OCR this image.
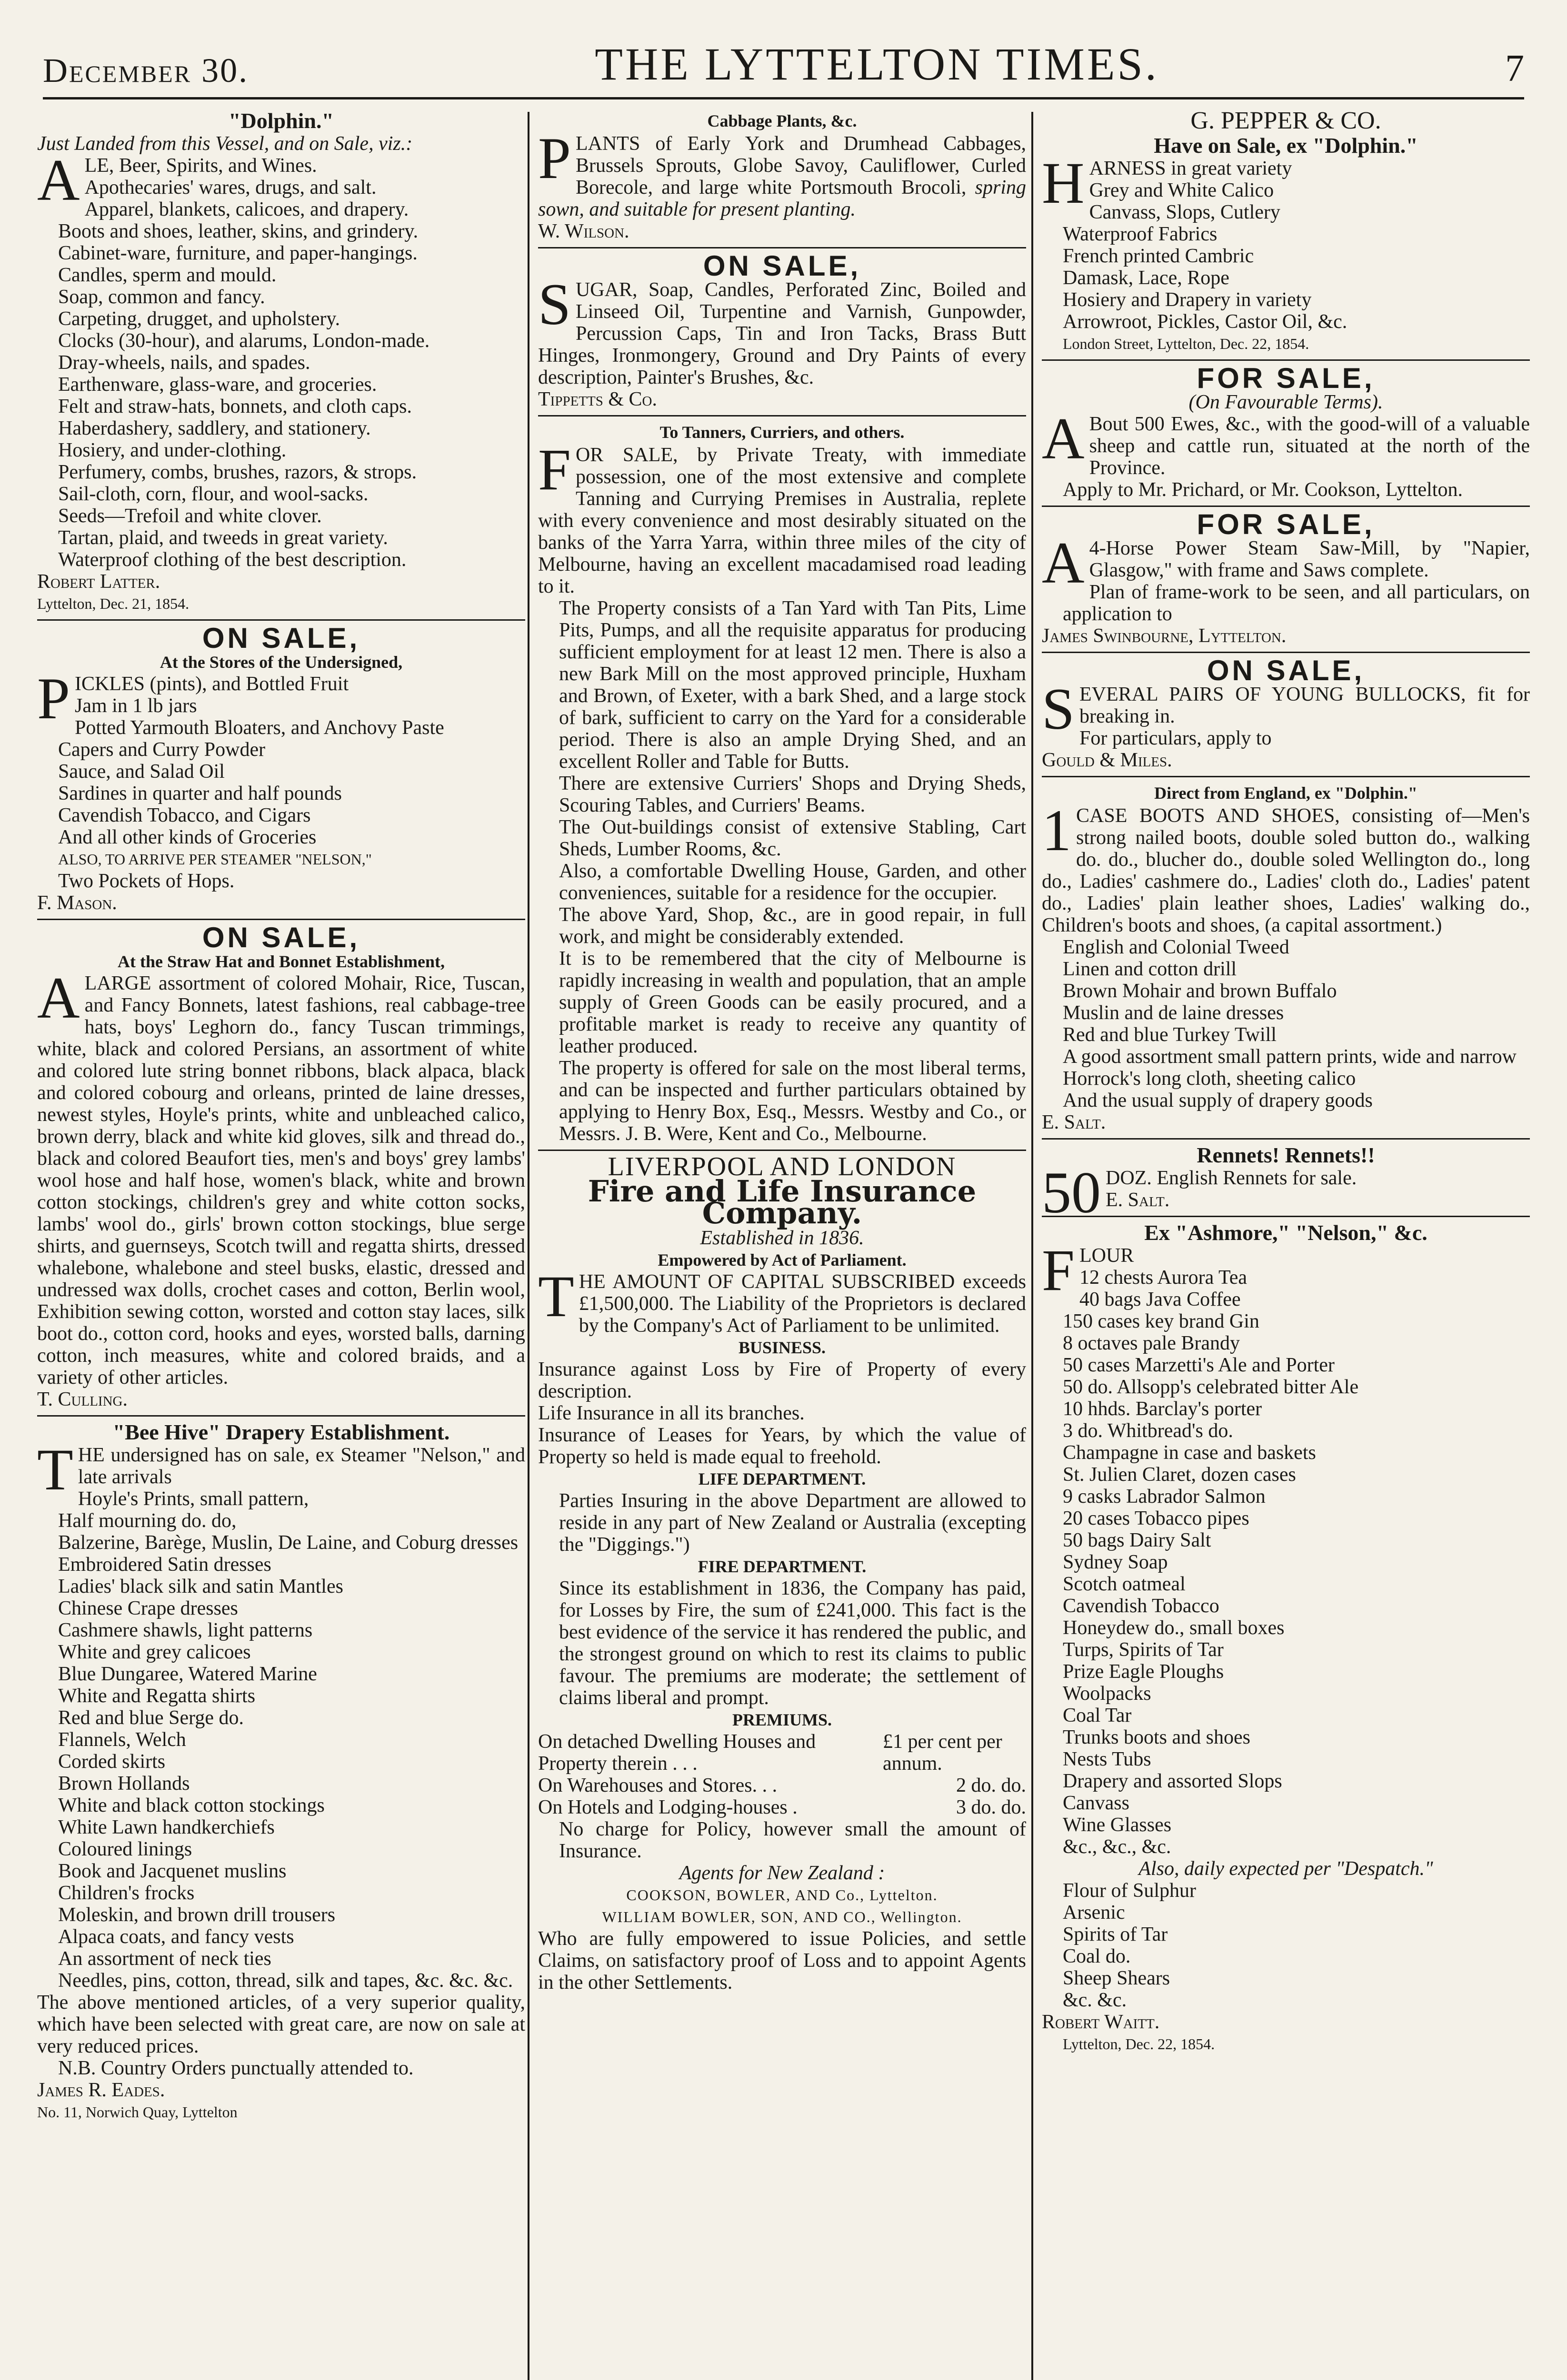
December 30.	THE LYTTELTON TIMES.	7
"Dolphin."

Just Landed from this Vessel, and on Sale, viz.:

ALE, Beer, Spirits, and Wines.

Apothecaries' wares, drugs, and salt.

Apparel, blankets, calicoes, and drapery.

Boots and shoes, leather, skins, and grindery.

Cabinet-ware, furniture, and paper-hangings.

Candles, sperm and mould.

Soap, common and fancy.

Carpeting, drugget, and upholstery.

Clocks (30-hour), and alarums, London-made.

Dray-wheels, nails, and spades.

Earthenware, glass-ware, and groceries.

Felt and straw-hats, bonnets, and cloth caps.

Haberdashery, saddlery, and stationery.

Hosiery, and under-clothing.

Perfumery, combs, brushes, razors, & strops.

Sail-cloth, corn, flour, and wool-sacks.

Seeds—Trefoil and white clover.

Tartan, plaid, and tweeds in great variety.

Waterproof clothing of the best description.

Robert Latter.

Lyttelton, Dec. 21, 1854.

ON SALE,
At the Stores of the Undersigned,

PICKLES (pints), and Bottled Fruit

Jam in 1 lb jars

Potted Yarmouth Bloaters, and Anchovy Paste

Capers and Curry Powder

Sauce, and Salad Oil

Sardines in quarter and half pounds

Cavendish Tobacco, and Cigars

And all other kinds of Groceries

ALSO, TO ARRIVE PER STEAMER "NELSON,"

Two Pockets of Hops.

F. Mason.

ON SALE,
At the Straw Hat and Bonnet Establishment,

ALARGE assortment of colored Mohair, Rice, Tuscan, and Fancy Bonnets, latest fashions, real cabbage-tree hats, boys' Leghorn do., fancy Tuscan trimmings, white, black and colored Persians, an assortment of white and colored lute string bonnet ribbons, black alpaca, black and colored cobourg and orleans, printed de laine dresses, newest styles, Hoyle's prints, white and unbleached calico, brown derry, black and white kid gloves, silk and thread do., black and colored Beaufort ties, men's and boys' grey lambs' wool hose and half hose, women's black, white and brown cotton stockings, children's grey and white cotton socks, lambs' wool do., girls' brown cotton stockings, blue serge shirts, and guernseys, Scotch twill and regatta shirts, dressed whalebone, whalebone and steel busks, elastic, dressed and undressed wax dolls, crochet cases and cotton, Berlin wool, Exhibition sewing cotton, worsted and cotton stay laces, silk boot do., cotton cord, hooks and eyes, worsted balls, darning cotton, inch measures, white and colored braids, and a variety of other articles.

T. Culling.

"Bee Hive" Drapery Establishment.

THE undersigned has on sale, ex Steamer "Nelson," and late arrivals

Hoyle's Prints, small pattern,

Half mourning do. do,

Balzerine, Barège, Muslin, De Laine, and Coburg dresses

Embroidered Satin dresses

Ladies' black silk and satin Mantles

Chinese Crape dresses

Cashmere shawls, light patterns

White and grey calicoes

Blue Dungaree, Watered Marine

White and Regatta shirts

Red and blue Serge do.

Flannels, Welch

Corded skirts

Brown Hollands

White and black cotton stockings

White Lawn handkerchiefs

Coloured linings

Book and Jacquenet muslins

Children's frocks

Moleskin, and brown drill trousers

Alpaca coats, and fancy vests

An assortment of neck ties

Needles, pins, cotton, thread, silk and tapes, &c. &c. &c.

The above mentioned articles, of a very superior quality, which have been selected with great care, are now on sale at very reduced prices.

N.B. Country Orders punctually attended to.

James R. Eades.

No. 11, Norwich Quay, Lyttelton

Cabbage Plants, &c.

PLANTS of Early York and Drumhead Cabbages, Brussels Sprouts, Globe Savoy, Cauliflower, Curled Borecole, and large white Portsmouth Brocoli, spring sown, and suitable for present planting.

W. Wilson.

ON SALE,

SUGAR, Soap, Candles, Perforated Zinc, Boiled and Linseed Oil, Turpentine and Varnish, Gunpowder, Percussion Caps, Tin and Iron Tacks, Brass Butt Hinges, Ironmongery, Ground and Dry Paints of every description, Painter's Brushes, &c.

Tippetts & Co.

To Tanners, Curriers, and others.

FOR SALE, by Private Treaty, with immediate possession, one of the most extensive and complete Tanning and Currying Premises in Australia, replete with every convenience and most desirably situated on the banks of the Yarra Yarra, within three miles of the city of Melbourne, having an excellent macadamised road leading to it.

The Property consists of a Tan Yard with Tan Pits, Lime Pits, Pumps, and all the requisite apparatus for producing sufficient employment for at least 12 men. There is also a new Bark Mill on the most approved principle, Huxham and Brown, of Exeter, with a bark Shed, and a large stock of bark, sufficient to carry on the Yard for a considerable period. There is also an ample Drying Shed, and an excellent Roller and Table for Butts.

There are extensive Curriers' Shops and Drying Sheds, Scouring Tables, and Curriers' Beams.

The Out-buildings consist of extensive Stabling, Cart Sheds, Lumber Rooms, &c.

Also, a comfortable Dwelling House, Garden, and other conveniences, suitable for a residence for the occupier.

The above Yard, Shop, &c., are in good repair, in full work, and might be considerably extended.

It is to be remembered that the city of Melbourne is rapidly increasing in wealth and population, that an ample supply of Green Goods can be easily procured, and a profitable market is ready to receive any quantity of leather produced.

The property is offered for sale on the most liberal terms, and can be inspected and further particulars obtained by applying to Henry Box, Esq., Messrs. Westby and Co., or Messrs. J. B. Were, Kent and Co., Melbourne.

LIVERPOOL AND LONDON
Fire and Life Insurance Company.
Established in 1836.
Empowered by Act of Parliament.

THE AMOUNT OF CAPITAL SUBSCRIBED exceeds £1,500,000. The Liability of the Proprietors is declared by the Company's Act of Parliament to be unlimited.

BUSINESS.

Insurance against Loss by Fire of Property of every description.

Life Insurance in all its branches.

Insurance of Leases for Years, by which the value of Property so held is made equal to freehold.

LIFE DEPARTMENT.

Parties Insuring in the above Department are allowed to reside in any part of New Zealand or Australia (excepting the "Diggings.")

FIRE DEPARTMENT.

Since its establishment in 1836, the Company has paid, for Losses by Fire, the sum of £241,000. This fact is the best evidence of the service it has rendered the public, and the strongest ground on which to rest its claims to public favour. The premiums are moderate; the settlement of claims liberal and prompt.

PREMIUMS.
On detached Dwelling Houses and Property therein . . .
£1 per cent per annum.
On Warehouses and Stores. . .	2 do. do.
On Hotels and Lodging-houses .	3 do. do.

No charge for Policy, however small the amount of Insurance.

Agents for New Zealand :
COOKSON, BOWLER, AND Co., Lyttelton.
WILLIAM BOWLER, SON, AND CO., Wellington.

Who are fully empowered to issue Policies, and settle Claims, on satisfactory proof of Loss and to appoint Agents in the other Settlements.

G. PEPPER & CO.
Have on Sale, ex "Dolphin."

HARNESS in great variety

Grey and White Calico

Canvass, Slops, Cutlery

Waterproof Fabrics

French printed Cambric

Damask, Lace, Rope

Hosiery and Drapery in variety

Arrowroot, Pickles, Castor Oil, &c.

London Street, Lyttelton, Dec. 22, 1854.

FOR SALE,
(On Favourable Terms).

A Bout 500 Ewes, &c., with the good-will of a valuable sheep and cattle run, situated at the north of the Province.

Apply to Mr. Prichard, or Mr. Cookson, Lyttelton.

FOR SALE,

A 4-Horse Power Steam Saw-Mill, by "Napier, Glasgow," with frame and Saws complete.

Plan of frame-work to be seen, and all particulars, on application to

James Swinbourne, Lyttelton.

ON SALE,

SEVERAL PAIRS OF YOUNG BULLOCKS, fit for breaking in.

For particulars, apply to

Gould & Miles.

Direct from England, ex "Dolphin."

1 CASE BOOTS AND SHOES, consisting of—Men's strong nailed boots, double soled button do., walking do. do., blucher do., double soled Wellington do., long do., Ladies' cashmere do., Ladies' cloth do., Ladies' patent do., Ladies' plain leather shoes, Ladies' walking do., Children's boots and shoes, (a capital assortment.)

English and Colonial Tweed

Linen and cotton drill

Brown Mohair and brown Buffalo

Muslin and de laine dresses

Red and blue Turkey Twill

A good assortment small pattern prints, wide and narrow

Horrock's long cloth, sheeting calico

And the usual supply of drapery goods

E. Salt.

Rennets! Rennets!!

50 DOZ. English Rennets for sale.

E. Salt.

Ex "Ashmore," "Nelson," &c.

FLOUR

12 chests Aurora Tea

40 bags Java Coffee

150 cases key brand Gin

8 octaves pale Brandy

50 cases Marzetti's Ale and Porter

50 do. Allsopp's celebrated bitter Ale

10 hhds. Barclay's porter

3 do. Whitbread's do.

Champagne in case and baskets

St. Julien Claret, dozen cases

9 casks Labrador Salmon

20 cases Tobacco pipes

50 bags Dairy Salt

Sydney Soap

Scotch oatmeal

Cavendish Tobacco

Honeydew do., small boxes

Turps, Spirits of Tar

Prize Eagle Ploughs

Woolpacks

Coal Tar

Trunks boots and shoes

Nests Tubs

Drapery and assorted Slops

Canvass

Wine Glasses

&c., &c., &c.

Also, daily expected per "Despatch."

Flour of Sulphur

Arsenic

Spirits of Tar

Coal do.

Sheep Shears

&c. &c.

Robert Waitt.

Lyttelton, Dec. 22, 1854.
